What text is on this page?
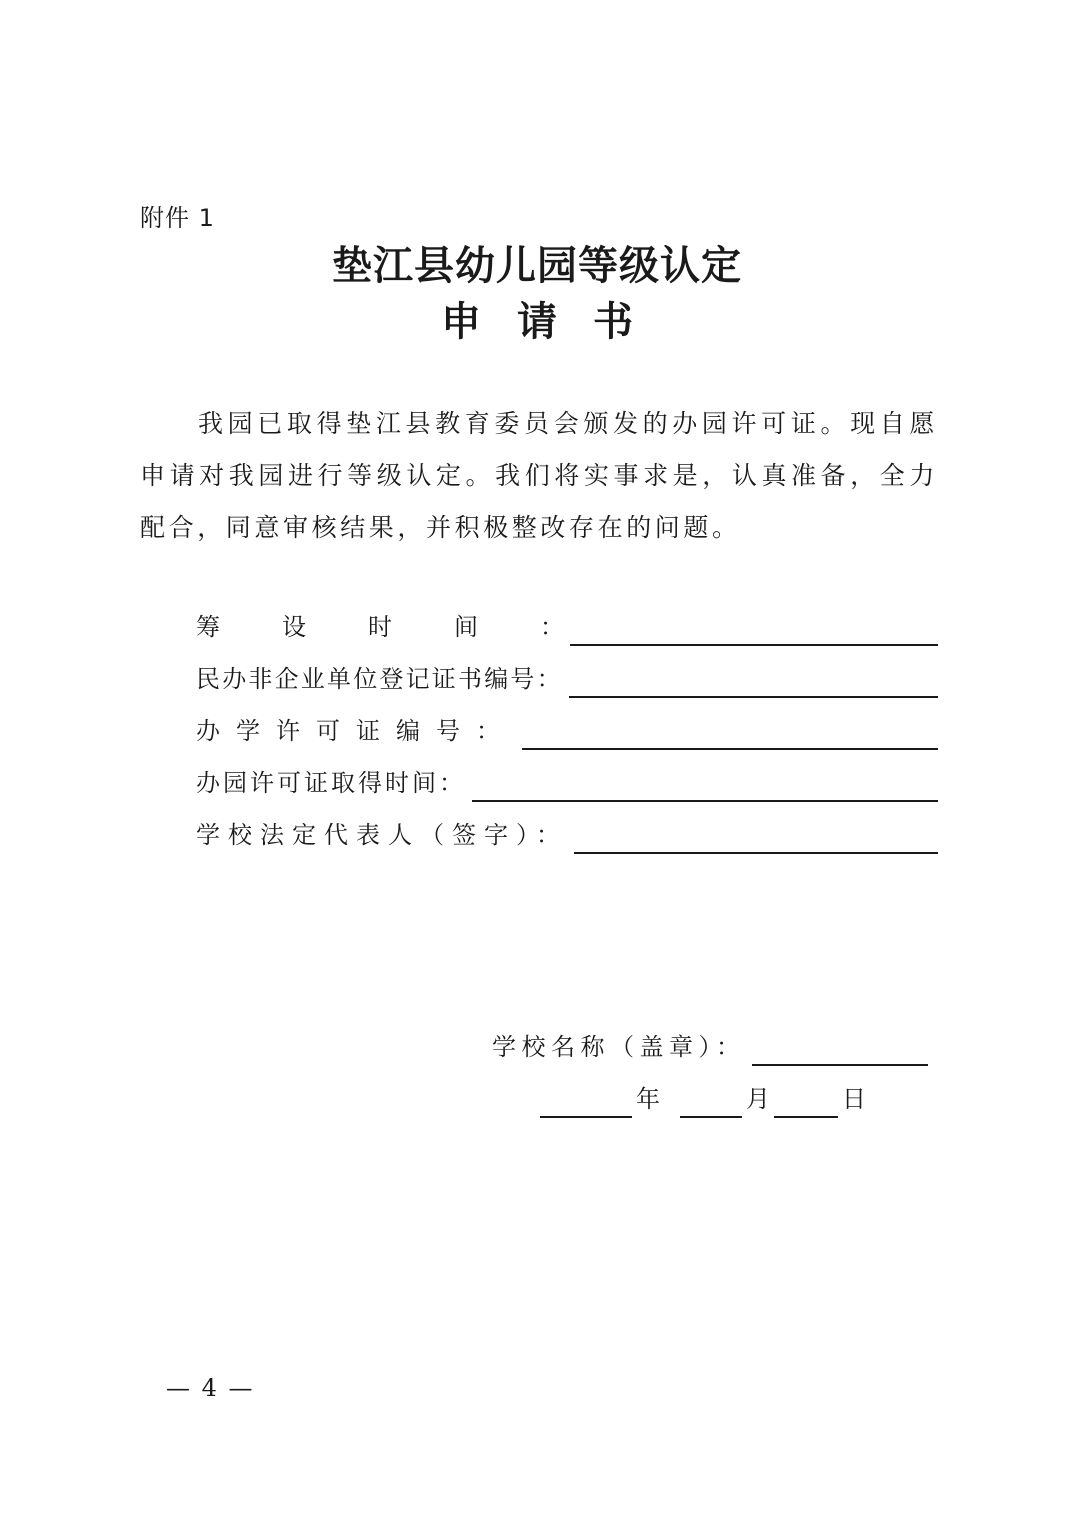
附件 1
垫江县幼儿园等级认定
申请书
我园已取得垫江县教育委员会颁发的办园许可证。现自愿申请对我园进行等级认定。我们将实事求是，认真准备，全力配合，同意审核结果，并积极整改存在的问题。
筹设时间：
民办非企业单位登记证书编号：
办学许可证编号：
办园许可证取得时间：
学校法定代表人（签字）：
学校名称（盖章）：
年	月	日
— 4 —
